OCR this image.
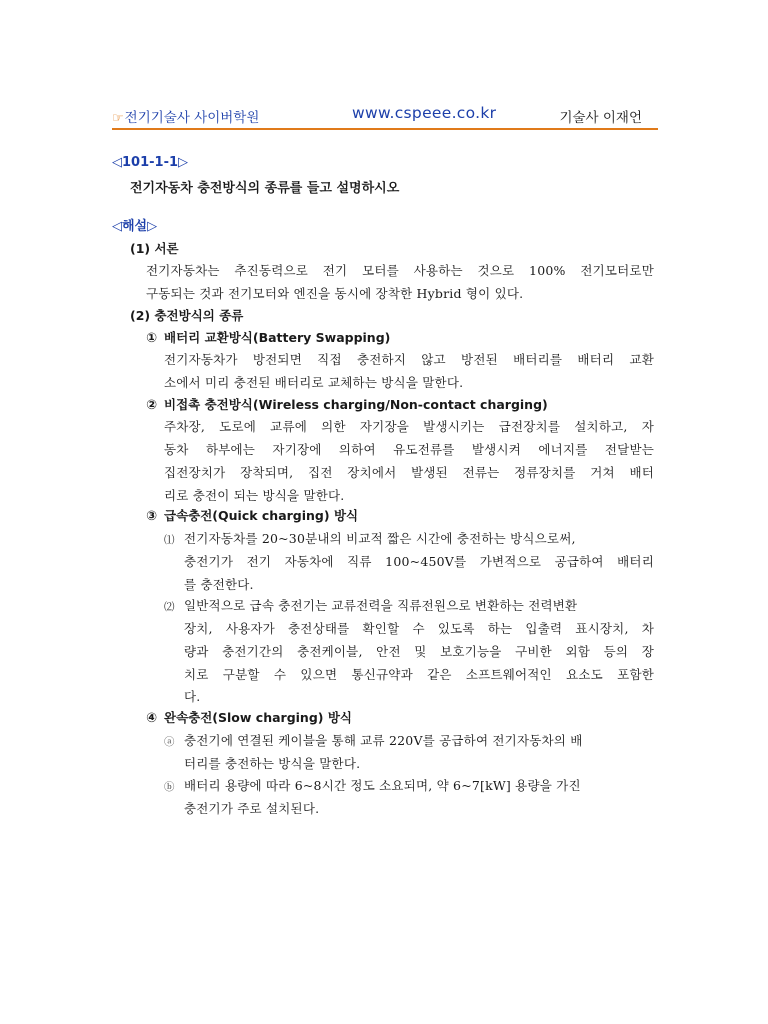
☞전기기술사 사이버학원	www.cspeee.co.kr	기술사 이재언
◁101-1-1▷
전기자동차 충전방식의 종류를 들고 설명하시오
◁해설▷
(1) 서론
전기자동차는 추진동력으로 전기 모터를 사용하는 것으로 100% 전기모터로만
구동되는 것과 전기모터와 엔진을 동시에 장착한 Hybrid 형이 있다.
(2) 충전방식의 종류
① 배터리 교환방식(Battery Swapping)
전기자동차가 방전되면 직접 충전하지 않고 방전된 배터리를 배터리 교환
소에서 미리 충전된 배터리로 교체하는 방식을 말한다.
② 비접촉 충전방식(Wireless charging/Non-contact charging)
주차장, 도로에 교류에 의한 자기장을 발생시키는 급전장치를 설치하고, 자
동차 하부에는 자기장에 의하여 유도전류를 발생시켜 에너지를 전달받는
집전장치가 장착되며, 집전 장치에서 발생된 전류는 정류장치를 거쳐 배터
리로 충전이 되는 방식을 말한다.
③ 급속충전(Quick charging) 방식
⑴ 전기자동차를 20~30분내의 비교적 짧은 시간에 충전하는 방식으로써,
충전기가 전기 자동차에 직류 100~450V를 가변적으로 공급하여 배터리
를 충전한다.
⑵ 일반적으로 급속 충전기는 교류전력을 직류전원으로 변환하는 전력변환
장치, 사용자가 충전상태를 확인할 수 있도록 하는 입출력 표시장치, 차
량과 충전기간의 충전케이블, 안전 및 보호기능을 구비한 외함 등의 장
치로 구분할 수 있으면 통신규약과 같은 소프트웨어적인 요소도 포함한
다.
④ 완속충전(Slow charging) 방식
ⓐ 충전기에 연결된 케이블을 통해 교류 220V를 공급하여 전기자동차의 배
터리를 충전하는 방식을 말한다.
ⓑ 배터리 용량에 따라 6~8시간 정도 소요되며, 약 6~7[kW] 용량을 가진
충전기가 주로 설치된다.
